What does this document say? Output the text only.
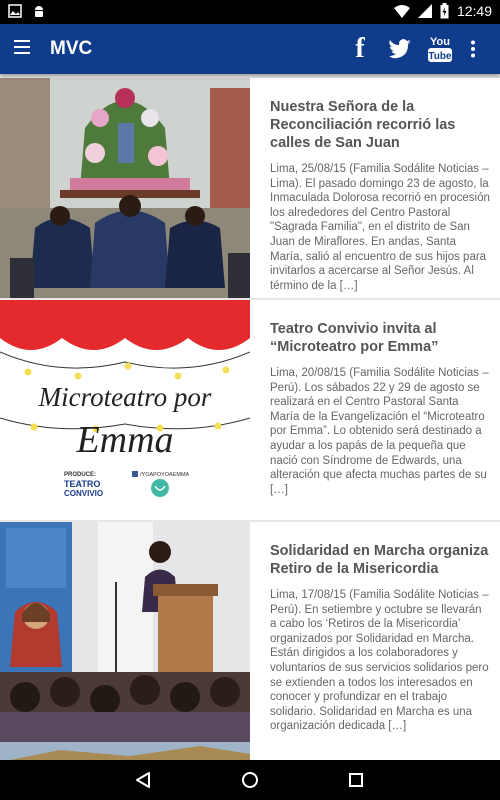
12:49
MVC	f	You
Tube

Nuestra Señora de la Reconciliación recorrió las calles de San Juan

Lima, 25/08/15 (Familia Sodálite Noticias – Lima). El pasado domingo 23 de agosto, la Inmaculada Dolorosa recorrió en procesión los alrededores del Centro Pastoral "Sagrada Familia", en el distrito de San Juan de Miraflores. En andas, Santa María, salió al encuentro de sus hijos para invitarlos a acercarse al Señor Jesús. Al término de la […]

Microteatro por
Emma
PRODUCE:
TEATRO
CONVIVIO
/YOAPOYOAEMMA

Teatro Convivio invita al “Microteatro por Emma”

Lima, 20/08/15 (Familia Sodálite Noticias – Perú). Los sábados 22 y 29 de agosto se realizará en el Centro Pastoral Santa María de la Evangelización el “Microteatro por Emma”. Lo obtenido será destinado a ayudar a los papás de la pequeña que nació con Síndrome de Edwards, una alteración que afecta muchas partes de su […]

Solidaridad en Marcha organiza Retiro de la Misericordia

Lima, 17/08/15 (Familia Sodálite Noticias – Perú). En setiembre y octubre se llevarán a cabo los ‘Retiros de la Misericordia’ organizados por Solidaridad en Marcha. Están dirigidos a los colaboradores y voluntarios de sus servicios solidarios pero se extienden a todos los interesados en conocer y profundizar en el trabajo solidario. Solidaridad en Marcha es una organización dedicada […]
